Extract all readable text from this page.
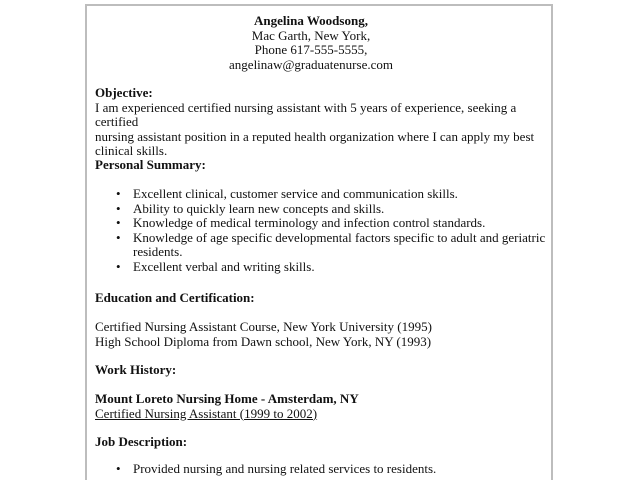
Angelina Woodsong,
Mac Garth, New York,
Phone 617-555-5555,
angelinaw@graduatenurse.com

Objective:

I am experienced certified nursing assistant with 5 years of experience, seeking a certified

nursing assistant position in a reputed health organization where I can apply my best

clinical skills.

Personal Summary:

• Excellent clinical, customer service and communication skills.
• Ability to quickly learn new concepts and skills.
• Knowledge of medical terminology and infection control standards.
• Knowledge of age specific developmental factors specific to adult and geriatric residents.
• Excellent verbal and writing skills.

Education and Certification:

Certified Nursing Assistant Course, New York University (1995)

High School Diploma from Dawn school, New York, NY (1993)

Work History:

Mount Loreto Nursing Home - Amsterdam, NY

Certified Nursing Assistant (1999 to 2002)

Job Description:

• Provided nursing and nursing related services to residents.
